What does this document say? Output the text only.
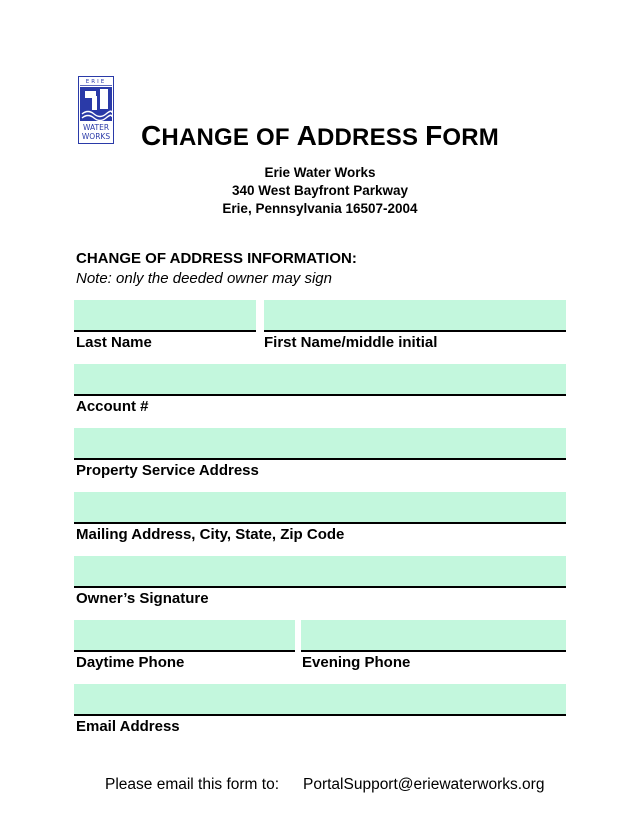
ERIE
WATER
WORKS	CHANGE OF ADDRESS FORM
Erie Water Works
340 West Bayfront Parkway
Erie, Pennsylvania 16507-2004
CHANGE OF ADDRESS INFORMATION:
Note: only the deeded owner may sign
Last Name	First Name/middle initial
Account #
Property Service Address
Mailing Address, City, State, Zip Code
Owner’s Signature
Daytime Phone	Evening Phone
Email Address
Please email this form to: PortalSupport@eriewaterworks.org
